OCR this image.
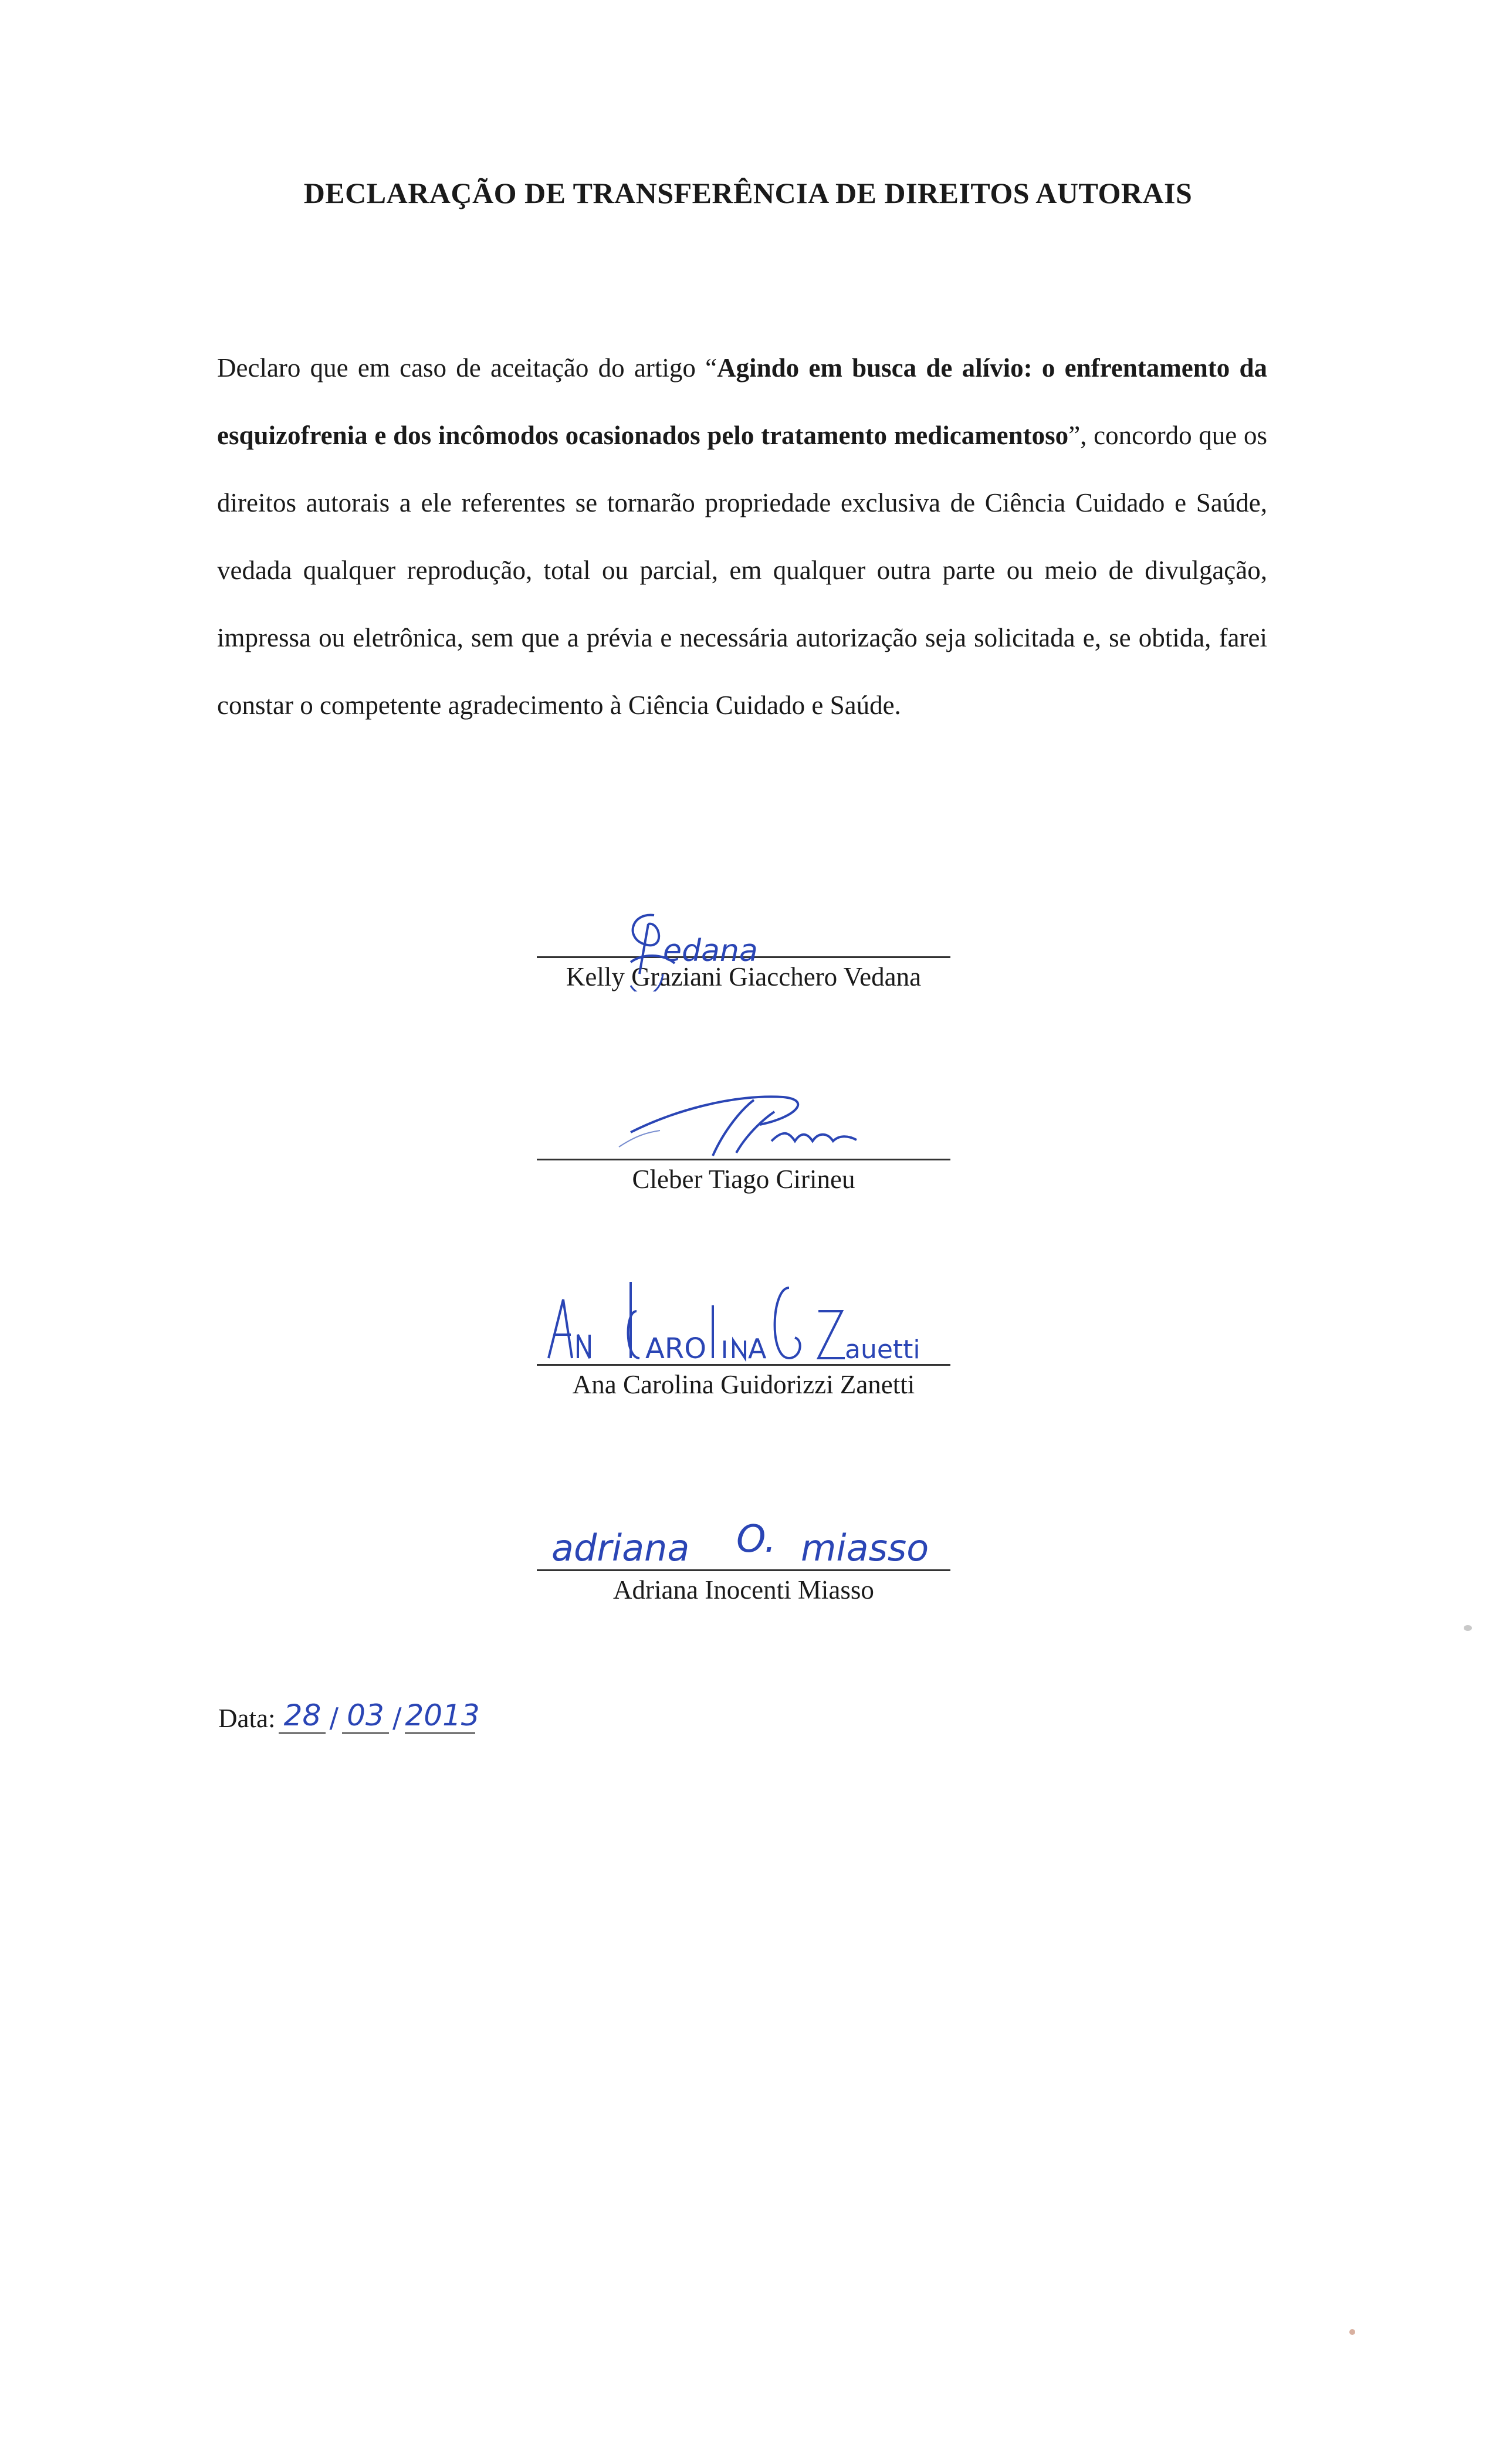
DECLARAÇÃO DE TRANSFERÊNCIA DE DIREITOS AUTORAIS

Declaro que em caso de aceitação do artigo “Agindo em busca de alívio: o enfrentamento da esquizofrenia e dos incômodos ocasionados pelo tratamento medicamentoso”, concordo que os direitos autorais a ele referentes se tornarão propriedade exclusiva de Ciência Cuidado e Saúde, vedada qualquer reprodução, total ou parcial, em qualquer outra parte ou meio de divulgação, impressa ou eletrônica, sem que a prévia e necessária autorização seja solicitada e, se obtida, farei constar o competente agradecimento à Ciência Cuidado e Saúde.

edana
Kelly Graziani Giacchero Vedana
Cleber Tiago Cirineu
ARO A	auetti
Ana Carolina Guidorizzi Zanetti
adriana O. miasso
Adriana Inocenti Miasso
Data: 28 / 03 / 2013
